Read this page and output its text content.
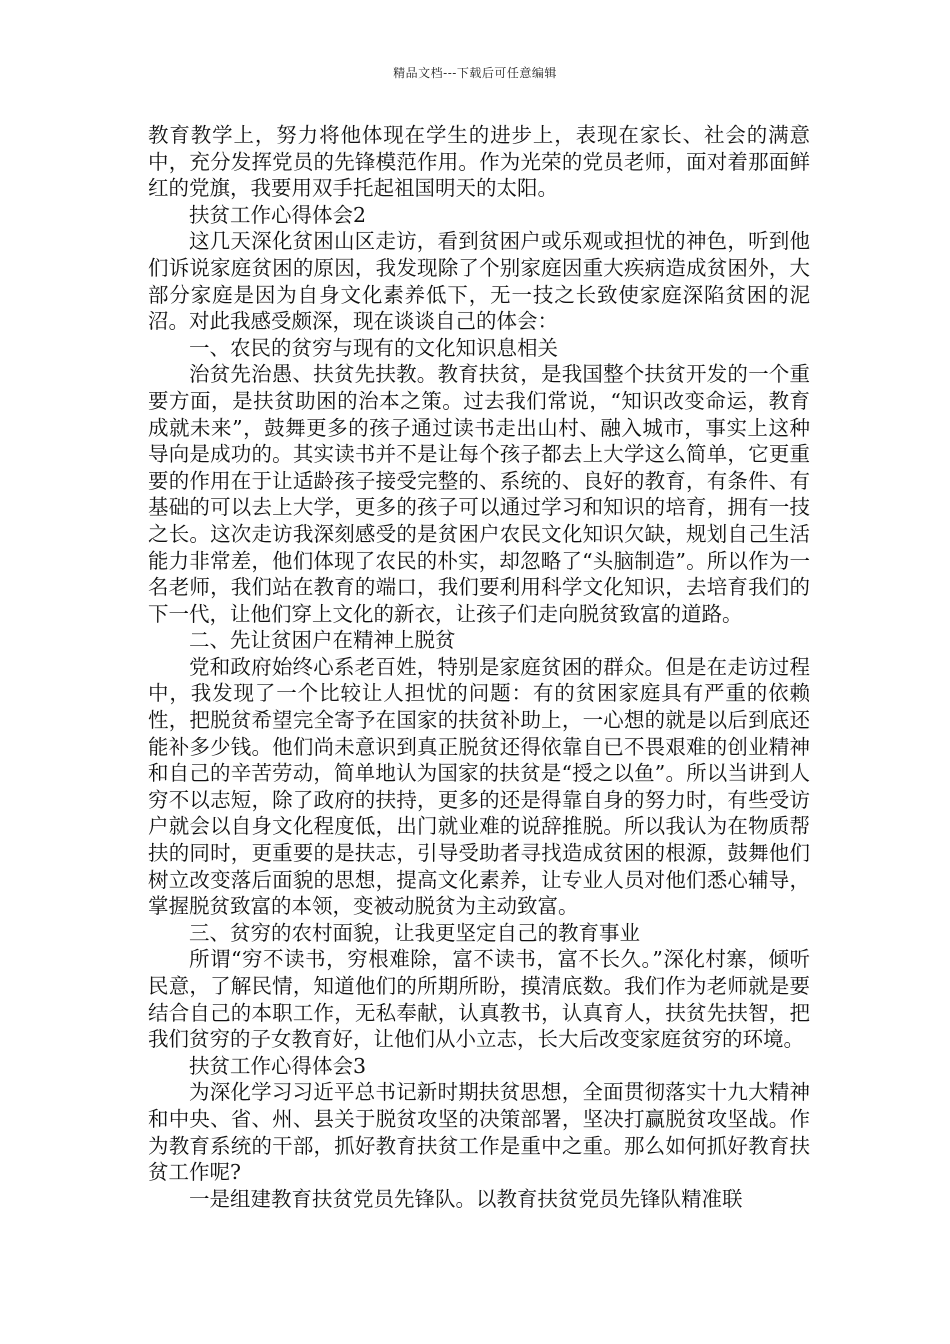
精品文档---下载后可任意编辑

教育教学上，努力将他体现在学生的进步上，表现在家长、社会的满意中，充分发挥党员的先锋模范作用。作为光荣的党员老师，面对着那面鲜红的党旗，我要用双手托起祖国明天的太阳。

扶贫工作心得体会2

这几天深化贫困山区走访，看到贫困户或乐观或担忧的神色，听到他们诉说家庭贫困的原因，我发现除了个别家庭因重大疾病造成贫困外，大部分家庭是因为自身文化素养低下，无一技之长致使家庭深陷贫困的泥沼。对此我感受颇深，现在谈谈自己的体会：

一、农民的贫穷与现有的文化知识息相关

治贫先治愚、扶贫先扶教。教育扶贫，是我国整个扶贫开发的一个重要方面，是扶贫助困的治本之策。过去我们常说，“知识改变命运，教育成就未来”，鼓舞更多的孩子通过读书走出山村、融入城市，事实上这种导向是成功的。其实读书并不是让每个孩子都去上大学这么简单，它更重要的作用在于让适龄孩子接受完整的、系统的、良好的教育，有条件、有基础的可以去上大学，更多的孩子可以通过学习和知识的培育，拥有一技之长。这次走访我深刻感受的是贫困户农民文化知识欠缺，规划自己生活能力非常差，他们体现了农民的朴实，却忽略了“头脑制造”。所以作为一名老师，我们站在教育的端口，我们要利用科学文化知识，去培育我们的下一代，让他们穿上文化的新衣，让孩子们走向脱贫致富的道路。

二、先让贫困户在精神上脱贫

党和政府始终心系老百姓，特别是家庭贫困的群众。但是在走访过程中，我发现了一个比较让人担忧的问题：有的贫困家庭具有严重的依赖性，把脱贫希望完全寄予在国家的扶贫补助上，一心想的就是以后到底还能补多少钱。他们尚未意识到真正脱贫还得依靠自已不畏艰难的创业精神和自己的辛苦劳动，简单地认为国家的扶贫是“授之以鱼”。所以当讲到人穷不以志短，除了政府的扶持，更多的还是得靠自身的努力时，有些受访户就会以自身文化程度低，出门就业难的说辞推脱。所以我认为在物质帮扶的同时，更重要的是扶志，引导受助者寻找造成贫困的根源，鼓舞他们树立改变落后面貌的思想，提高文化素养，让专业人员对他们悉心辅导，掌握脱贫致富的本领，变被动脱贫为主动致富。

三、贫穷的农村面貌，让我更坚定自己的教育事业

所谓“穷不读书，穷根难除，富不读书，富不长久。”深化村寨，倾听民意，了解民情，知道他们的所期所盼，摸清底数。我们作为老师就是要结合自己的本职工作，无私奉献，认真教书，认真育人，扶贫先扶智，把我们贫穷的子女教育好，让他们从小立志，长大后改变家庭贫穷的环境。

扶贫工作心得体会3

为深化学习习近平总书记新时期扶贫思想，全面贯彻落实十九大精神和中央、省、州、县关于脱贫攻坚的决策部署，坚决打赢脱贫攻坚战。作为教育系统的干部，抓好教育扶贫工作是重中之重。那么如何抓好教育扶贫工作呢?

一是组建教育扶贫党员先锋队。以教育扶贫党员先锋队精准联
